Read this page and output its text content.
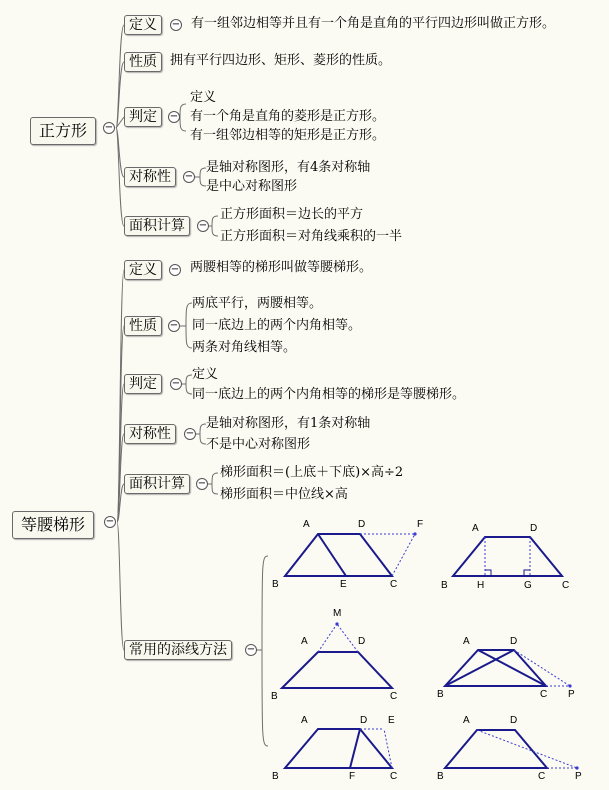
正方形	−
定义	− 有一组邻边相等并且有一个角是直角的平行四边形叫做正方形。
性质	拥有平行四边形、矩形、菱形的性质。
判定	−
定义
有一个角是直角的菱形是正方形。
有一组邻边相等的矩形是正方形。
对称性	−
是轴对称图形，有4条对称轴
是中心对称图形
面积计算	−
正方形面积＝边长的平方
正方形面积＝对角线乘积的一半
等腰梯形	−
定义	− 两腰相等的梯形叫做等腰梯形。
性质	−
两底平行，两腰相等。
同一底边上的两个内角相等。
两条对角线相等。
判定	−
定义
同一底边上的两个内角相等的梯形是等腰梯形。
对称性	−
是轴对称图形，有1条对称轴
不是中心对称图形
面积计算	−
梯形面积＝(上底＋下底)×高÷2
梯形面积＝中位线×高
常用的添线方法	−
A	D	F
B	E	C
A	D
B	H	G	C
M
A	D
B	C
A	D
B	C P
A	D E
B	F	C
A	D
B	C	P
